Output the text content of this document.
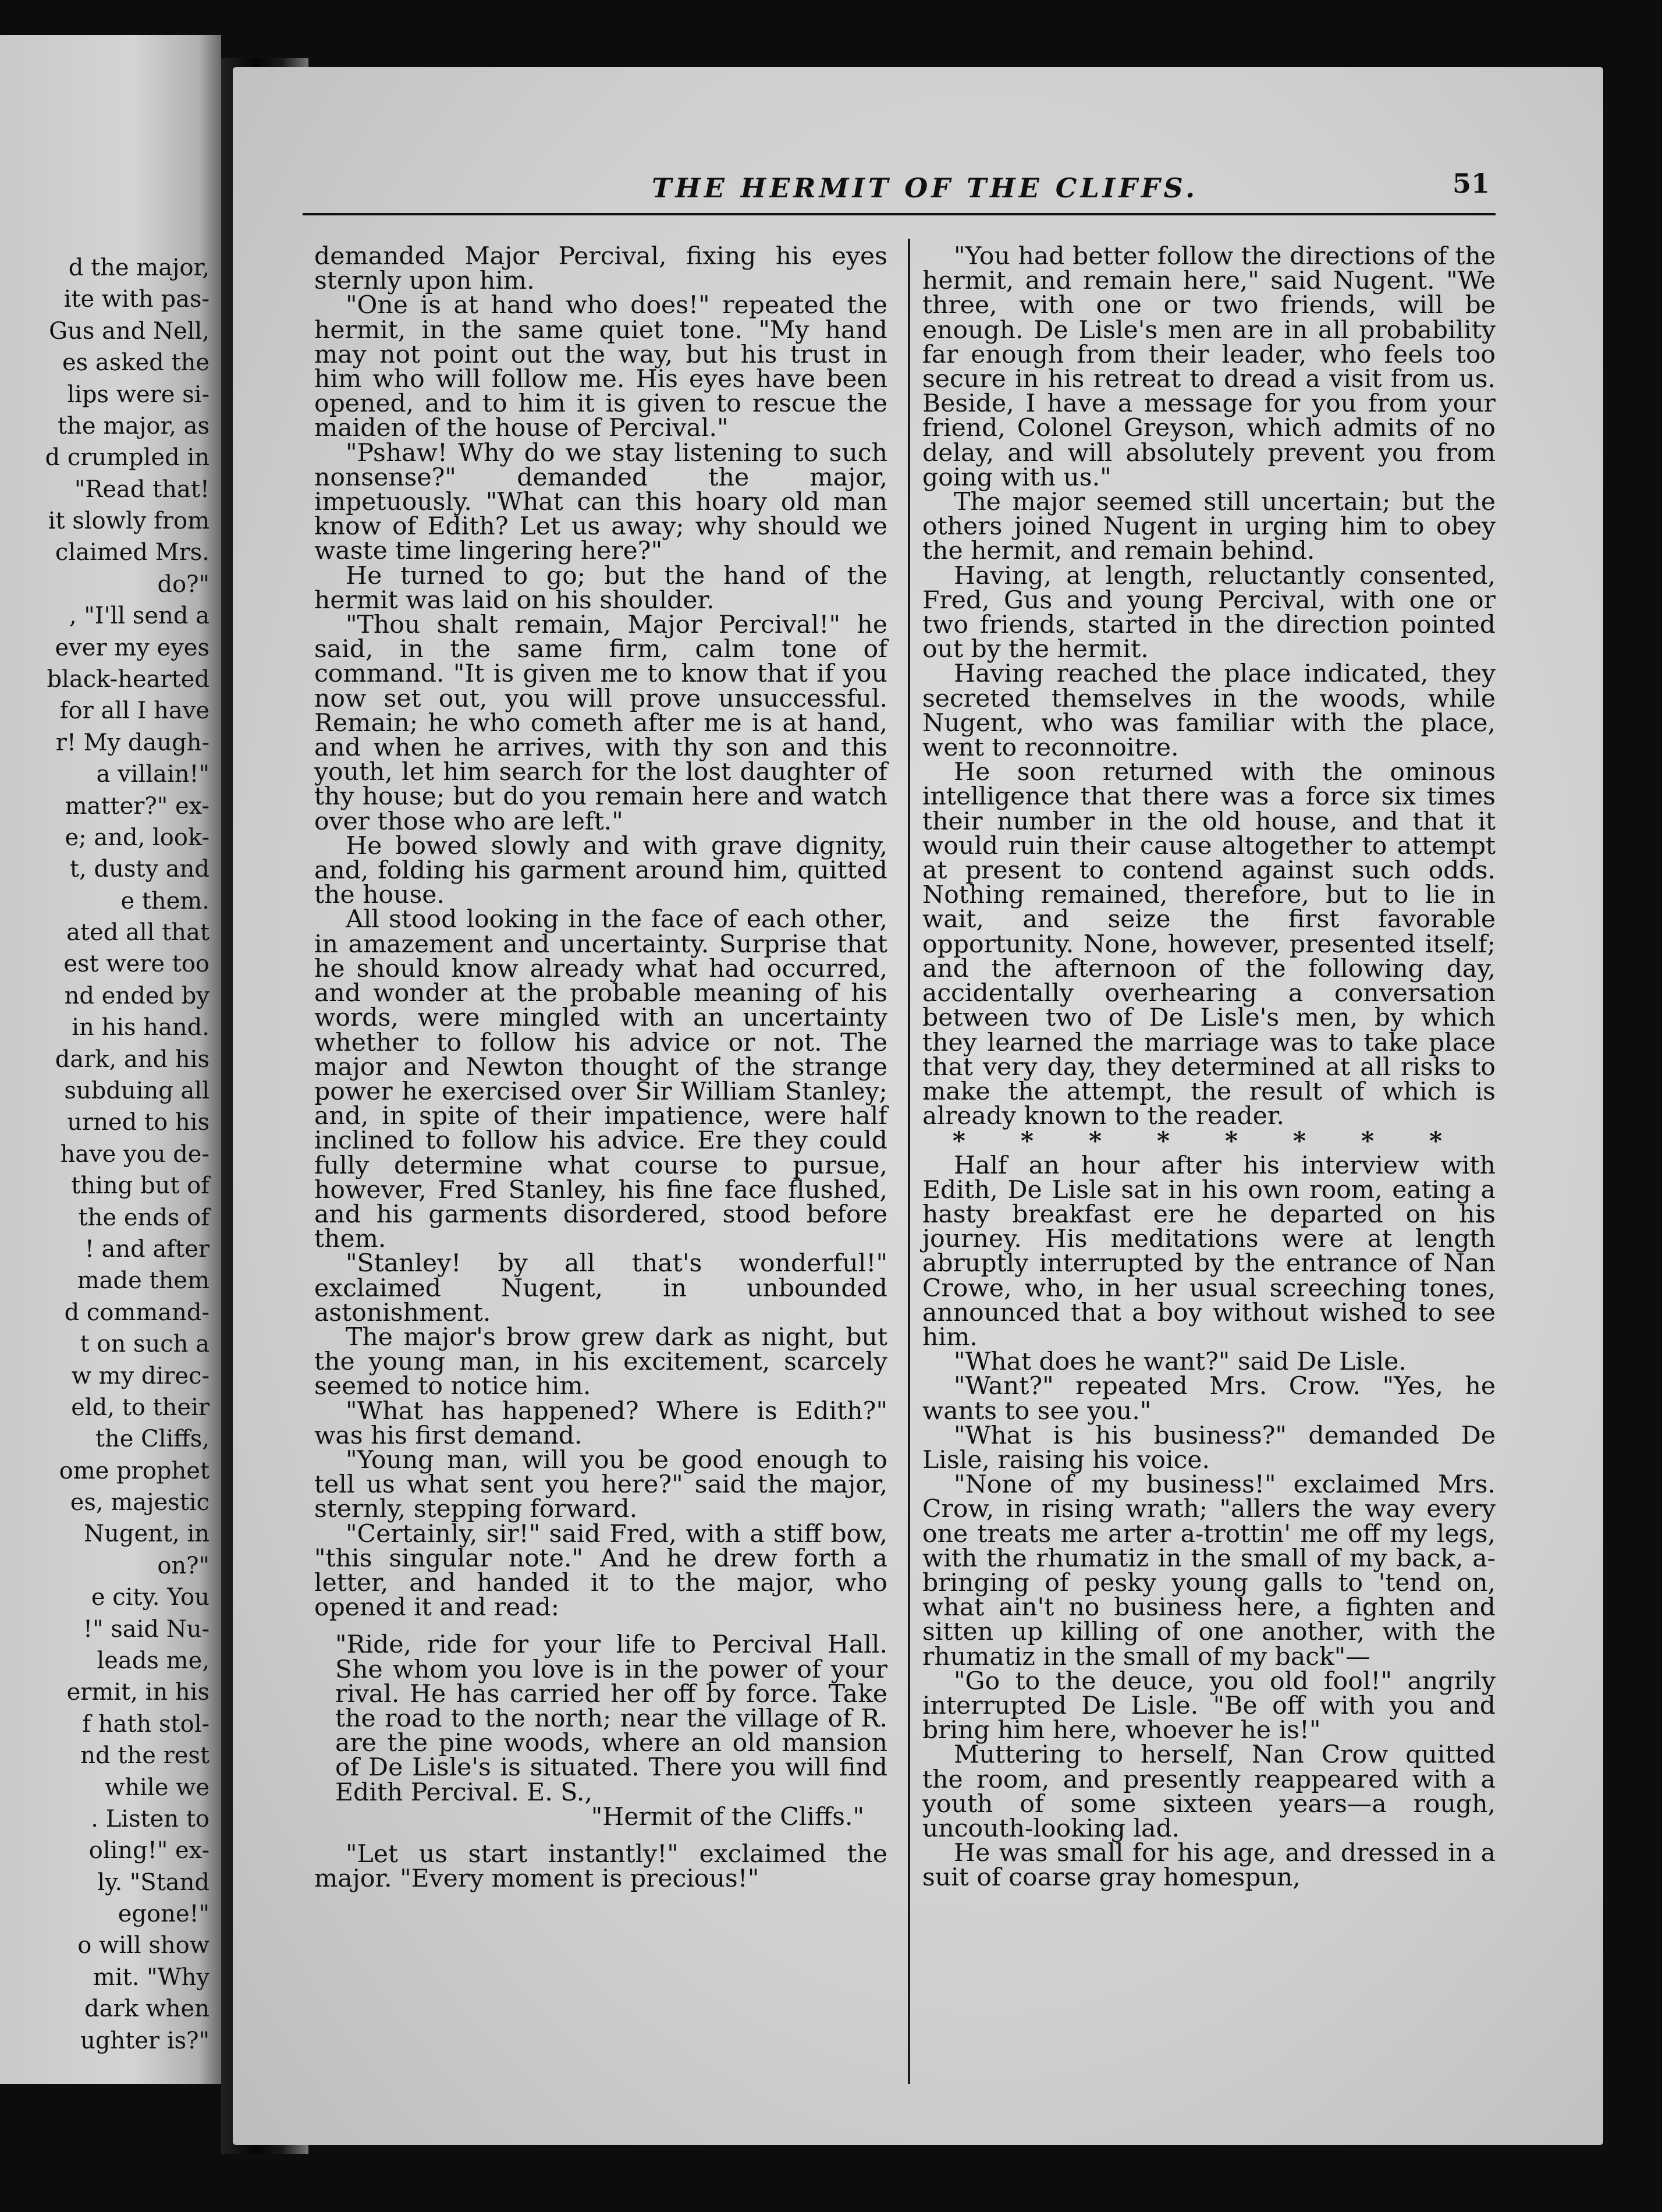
d the major,
ite with pas-
Gus and Nell,
es asked the
lips were si-
the major, as
d crumpled in
"Read that!
it slowly from
claimed Mrs.
do?"
, "I'll send a
ever my eyes
black-hearted
for all I have
r! My daugh-
a villain!"
matter?" ex-
e; and, look-
t, dusty and
e them.
ated all that
est were too
nd ended by
in his hand.
dark, and his
subduing all
urned to his
have you de-
thing but of
the ends of
! and after
made them
d command-
t on such a
w my direc-
eld, to their
the Cliffs,
ome prophet
es, majestic
Nugent, in
on?"
e city. You
!" said Nu-
leads me,
ermit, in his
f hath stol-
nd the rest
while we
. Listen to
oling!" ex-
ly. "Stand
egone!"
o will show
mit. "Why
dark when
ughter is?"
THE HERMIT OF THE CLIFFS.	51

demanded Major Percival, fixing his eyes sternly upon him.

"One is at hand who does!" repeated the hermit, in the same quiet tone. "My hand may not point out the way, but his trust in him who will follow me. His eyes have been opened, and to him it is given to rescue the maiden of the house of Percival."

"Pshaw! Why do we stay listening to such nonsense?" demanded the major, impetuously. "What can this hoary old man know of Edith? Let us away; why should we waste time lingering here?"

He turned to go; but the hand of the hermit was laid on his shoulder.

"Thou shalt remain, Major Percival!" he said, in the same firm, calm tone of command. "It is given me to know that if you now set out, you will prove unsuccessful. Remain; he who cometh after me is at hand, and when he arrives, with thy son and this youth, let him search for the lost daughter of thy house; but do you remain here and watch over those who are left."

He bowed slowly and with grave dignity, and, folding his garment around him, quitted the house.

All stood looking in the face of each other, in amazement and uncertainty. Surprise that he should know already what had occurred, and wonder at the probable meaning of his words, were mingled with an uncertainty whether to follow his advice or not. The major and Newton thought of the strange power he exercised over Sir William Stanley; and, in spite of their impatience, were half inclined to follow his advice. Ere they could fully determine what course to pursue, however, Fred Stanley, his fine face flushed, and his garments disordered, stood before them.

"Stanley! by all that's wonderful!" exclaimed Nugent, in unbounded astonishment.

The major's brow grew dark as night, but the young man, in his excitement, scarcely seemed to notice him.

"What has happened? Where is Edith?" was his first demand.

"Young man, will you be good enough to tell us what sent you here?" said the major, sternly, stepping forward.

"Certainly, sir!" said Fred, with a stiff bow, "this singular note." And he drew forth a letter, and handed it to the major, who opened it and read:

"Ride, ride for your life to Percival Hall. She whom you love is in the power of your rival. He has carried her off by force. Take the road to the north; near the village of R. are the pine woods, where an old mansion of De Lisle's is situated. There you will find Edith Percival. E. S.,

"Hermit of the Cliffs."

"Let us start instantly!" exclaimed the major. "Every moment is precious!"

"You had better follow the directions of the hermit, and remain here," said Nugent. "We three, with one or two friends, will be enough. De Lisle's men are in all probability far enough from their leader, who feels too secure in his retreat to dread a visit from us. Beside, I have a message for you from your friend, Colonel Greyson, which admits of no delay, and will absolutely prevent you from going with us."

The major seemed still uncertain; but the others joined Nugent in urging him to obey the hermit, and remain behind.

Having, at length, reluctantly consented, Fred, Gus and young Percival, with one or two friends, started in the direction pointed out by the hermit.

Having reached the place indicated, they secreted themselves in the woods, while Nugent, who was familiar with the place, went to reconnoitre.

He soon returned with the ominous intelligence that there was a force six times their number in the old house, and that it would ruin their cause altogether to attempt at present to contend against such odds. Nothing remained, therefore, but to lie in wait, and seize the first favorable opportunity. None, however, presented itself; and the afternoon of the following day, accidentally overhearing a conversation between two of De Lisle's men, by which they learned the marriage was to take place that very day, they determined at all risks to make the attempt, the result of which is already known to the reader.

* * * * * * * *

Half an hour after his interview with Edith, De Lisle sat in his own room, eating a hasty breakfast ere he departed on his journey. His meditations were at length abruptly interrupted by the entrance of Nan Crowe, who, in her usual screeching tones, announced that a boy without wished to see him.

"What does he want?" said De Lisle.

"Want?" repeated Mrs. Crow. "Yes, he wants to see you."

"What is his business?" demanded De Lisle, raising his voice.

"None of my business!" exclaimed Mrs. Crow, in rising wrath; "allers the way every one treats me arter a-trottin' me off my legs, with the rhumatiz in the small of my back, a-bringing of pesky young galls to 'tend on, what ain't no business here, a fighten and sitten up killing of one another, with the rhumatiz in the small of my back"—

"Go to the deuce, you old fool!" angrily interrupted De Lisle. "Be off with you and bring him here, whoever he is!"

Muttering to herself, Nan Crow quitted the room, and presently reappeared with a youth of some sixteen years—a rough, uncouth-looking lad.

He was small for his age, and dressed in a suit of coarse gray homespun,
